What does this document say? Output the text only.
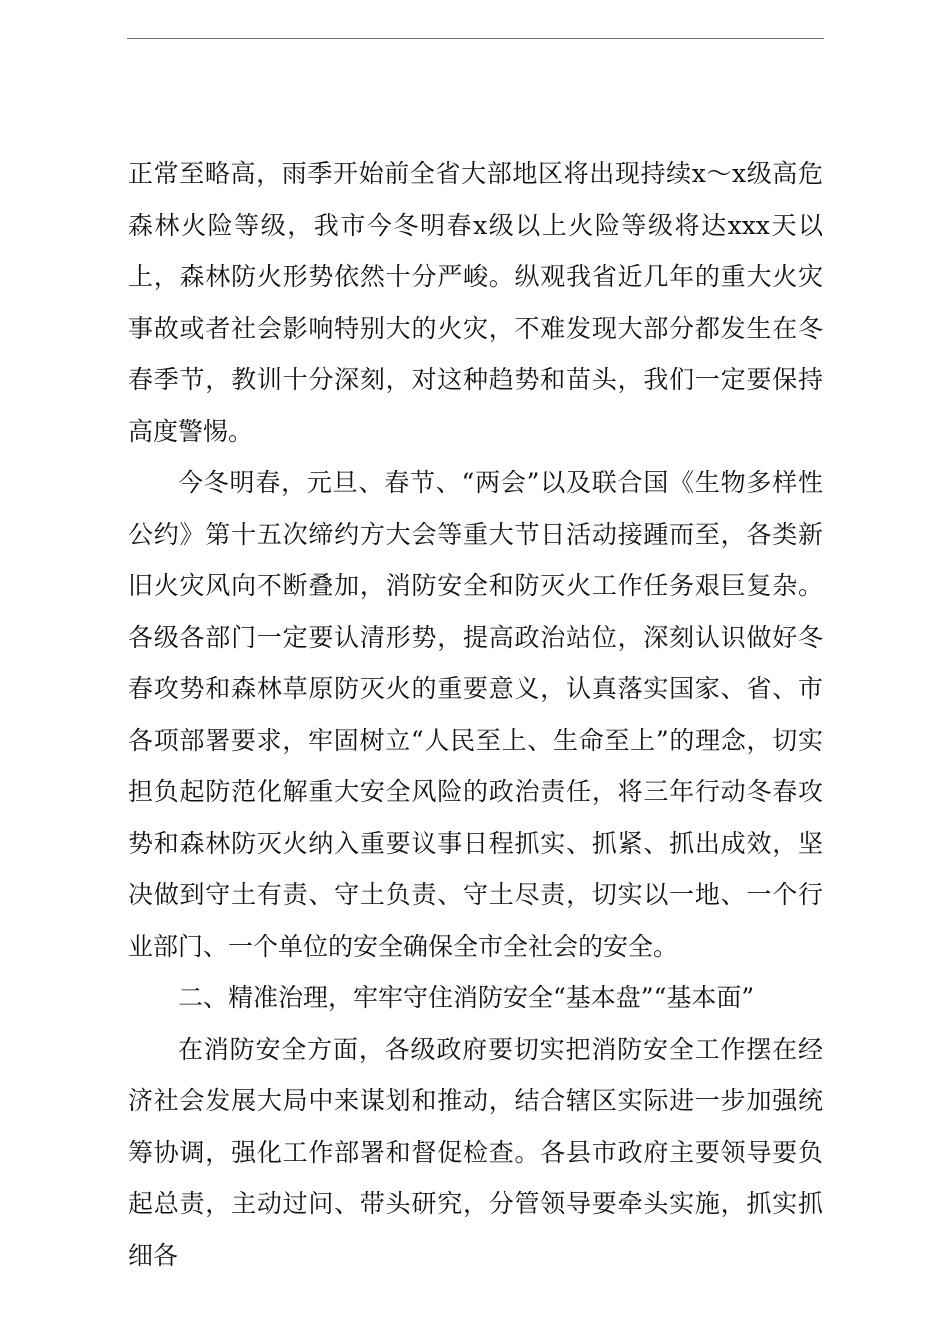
正常至略高，雨季开始前全省大部地区将出现持续x～x级高危森林火险等级，我市今冬明春x级以上火险等级将达xxx天以上，森林防火形势依然十分严峻。纵观我省近几年的重大火灾事故或者社会影响特别大的火灾，不难发现大部分都发生在冬春季节，教训十分深刻，对这种趋势和苗头，我们一定要保持高度警惕。

今冬明春，元旦、春节、“两会”以及联合国《生物多样性公约》第十五次缔约方大会等重大节日活动接踵而至，各类新旧火灾风向不断叠加，消防安全和防灭火工作任务艰巨复杂。各级各部门一定要认清形势，提高政治站位，深刻认识做好冬春攻势和森林草原防灭火的重要意义，认真落实国家、省、市各项部署要求，牢固树立“人民至上、生命至上”的理念，切实担负起防范化解重大安全风险的政治责任，将三年行动冬春攻势和森林防灭火纳入重要议事日程抓实、抓紧、抓出成效，坚决做到守土有责、守土负责、守土尽责，切实以一地、一个行业部门、一个单位的安全确保全市全社会的安全。

二、精准治理，牢牢守住消防安全“基本盘”“基本面”

在消防安全方面，各级政府要切实把消防安全工作摆在经济社会发展大局中来谋划和推动，结合辖区实际进一步加强统筹协调，强化工作部署和督促检查。各县市政府主要领导要负起总责，主动过问、带头研究，分管领导要牵头实施，抓实抓细各
